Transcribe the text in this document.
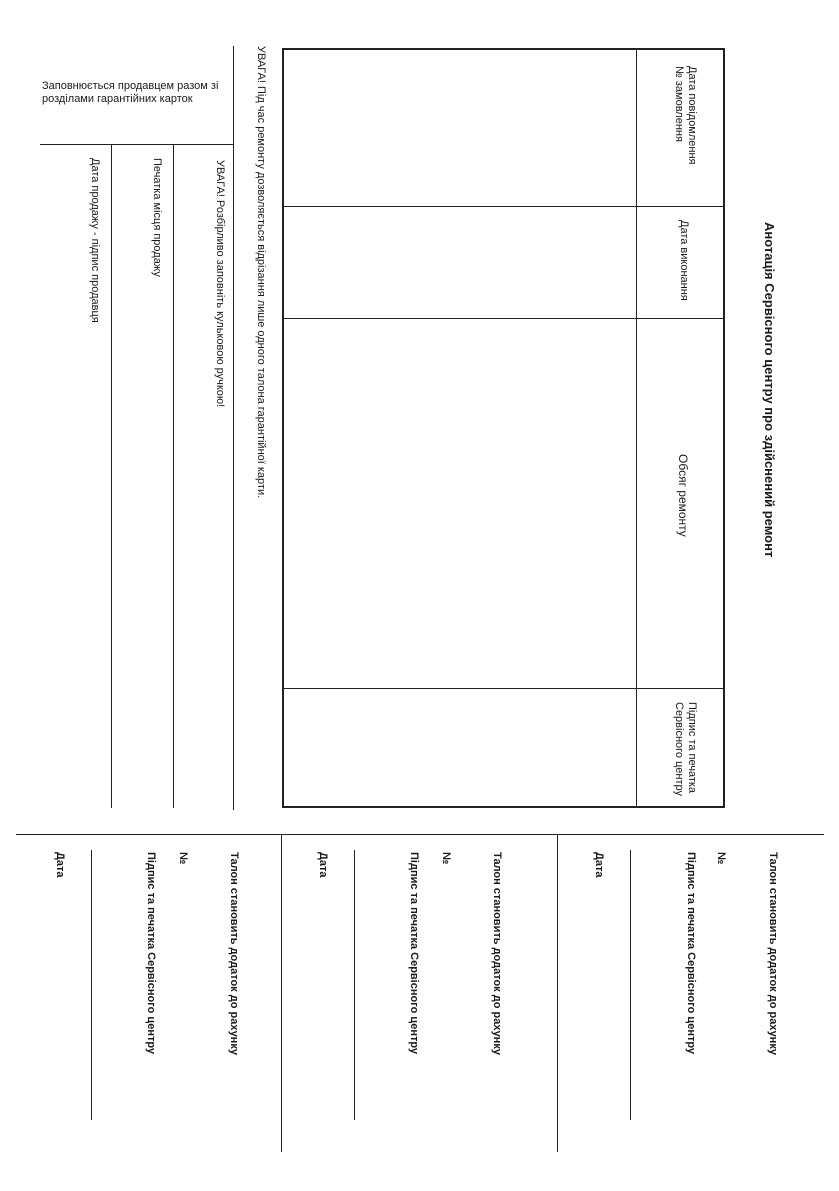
Анотація Сервісного центру про здійснений ремонт
Дата повідомлення
№ замовлення
Дата виконання
Обсяг ремонту
Підпис та печатка
Сервісного центру
УВАГА! Під час ремонту дозволяється відрізання лише одного талона гарантійної карти.
УВАГА! Розбірливо заповніть кульковою ручкою!
Заповнюється продавцем разом зі розділами гарантійних карток
Печатка місця продажу
Дата продажу - підпис продавця
Талон становить додаток до рахунку
№
Підпис та печатка Сервісного центру
Дата
Талон становить додаток до рахунку
№
Підпис та печатка Сервісного центру
Дата
Талон становить додаток до рахунку
№
Підпис та печатка Сервісного центру
Дата
